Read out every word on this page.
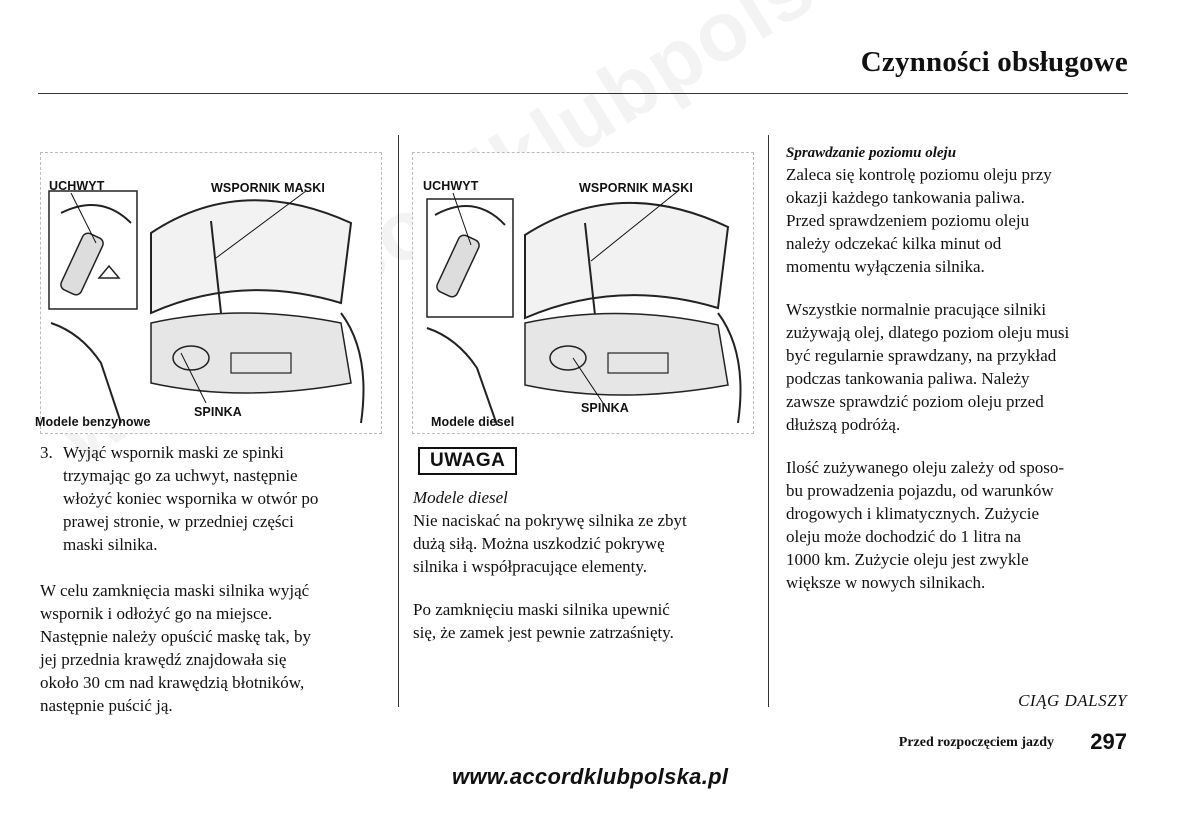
Czynności obsługowe
UCHWYT	WSPORNIK MASKI
SPINKA
Modele benzynowe
UCHWYT	WSPORNIK MASKI
SPINKA
Modele diesel
3. Wyjąć wspornik maski ze spinki

trzymając go za uchwyt, następnie

włożyć koniec wspornika w otwór po

prawej stronie, w przedniej części

maski silnika.

W celu zamknięcia maski silnika wyjąć

wspornik i odłożyć go na miejsce.

Następnie należy opuścić maskę tak, by

jej przednia krawędź znajdowała się

około 30 cm nad krawędzią błotników,

następnie puścić ją.

UWAGA

Modele diesel

Nie naciskać na pokrywę silnika ze zbyt

dużą siłą. Można uszkodzić pokrywę

silnika i współpracujące elementy.

Po zamknięciu maski silnika upewnić

się, że zamek jest pewnie zatrzaśnięty.

Sprawdzanie poziomu oleju

Zaleca się kontrolę poziomu oleju przy

okazji każdego tankowania paliwa.

Przed sprawdzeniem poziomu oleju

należy odczekać kilka minut od

momentu wyłączenia silnika.

Wszystkie normalnie pracujące silniki

zużywają olej, dlatego poziom oleju musi

być regularnie sprawdzany, na przykład

podczas tankowania paliwa. Należy

zawsze sprawdzić poziom oleju przed

dłuższą podróżą.

Ilość zużywanego oleju zależy od sposo-

bu prowadzenia pojazdu, od warunków

drogowych i klimatycznych. Zużycie

oleju może dochodzić do 1 litra na

1000 km. Zużycie oleju jest zwykle

większe w nowych silnikach.

CIĄG DALSZY
Przed rozpoczęciem jazdy 297
www.accordklubpolska.pl
